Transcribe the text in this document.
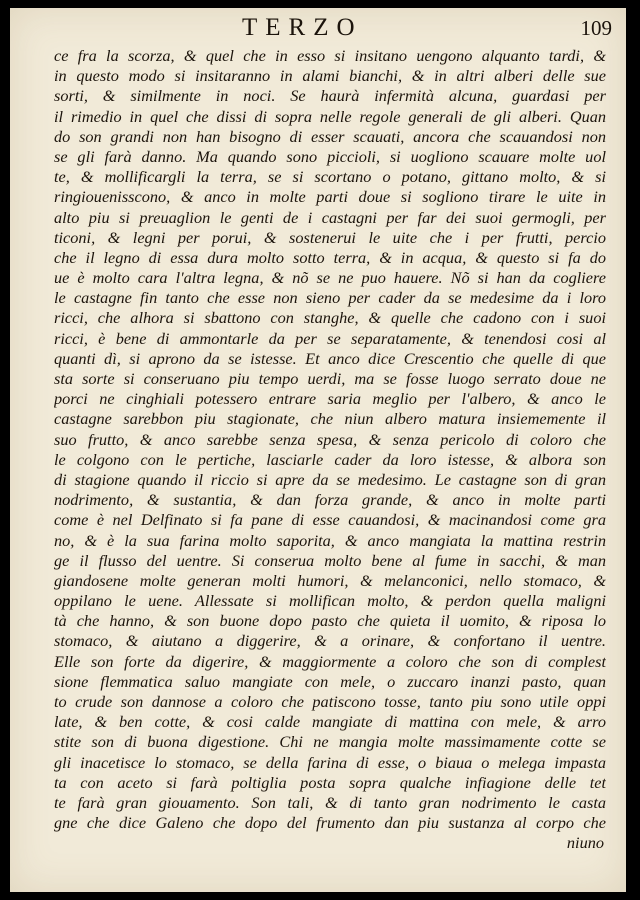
TERZO	109
ce fra la scorza, & quel che in esso si insitano uengono alquanto tardi, &
in questo modo si insitaranno in alami bianchi, & in altri alberi delle sue
sorti, & similmente in noci. Se haurà infermità alcuna, guardasi per
il rimedio in quel che dissi di sopra nelle regole generali de gli alberi. Quan
do son grandi non han bisogno di esser scauati, ancora che scauandosi non
se gli farà danno. Ma quando sono piccioli, si uogliono scauare molte uol
te, & mollificargli la terra, se si scortano o potano, gittano molto, & si
ringiouenisscono, & anco in molte parti doue si sogliono tirare le uite in
alto piu si preuaglion le genti de i castagni per far dei suoi germogli, per
ticoni, & legni per porui, & sostenerui le uite che i per frutti, percio
che il legno di essa dura molto sotto terra, & in acqua, & questo si fa do
ue è molto cara l'altra legna, & nõ se ne puo hauere. Nõ si han da cogliere
le castagne fin tanto che esse non sieno per cader da se medesime da i loro
ricci, che alhora si sbattono con stanghe, & quelle che cadono con i suoi
ricci, è bene di ammontarle da per se separatamente, & tenendosi cosi al
quanti dì, si aprono da se istesse. Et anco dice Crescentio che quelle di que
sta sorte si conseruano piu tempo uerdi, ma se fosse luogo serrato doue ne
porci ne cinghiali potessero entrare saria meglio per l'albero, & anco le
castagne sarebbon piu stagionate, che niun albero matura insiememente il
suo frutto, & anco sarebbe senza spesa, & senza pericolo di coloro che
le colgono con le pertiche, lasciarle cader da loro istesse, & albora son
di stagione quando il riccio si apre da se medesimo. Le castagne son di gran
nodrimento, & sustantia, & dan forza grande, & anco in molte parti
come è nel Delfinato si fa pane di esse cauandosi, & macinandosi come gra
no, & è la sua farina molto saporita, & anco mangiata la mattina restrin
ge il flusso del uentre. Si conserua molto bene al fume in sacchi, & man
giandosene molte generan molti humori, & melanconici, nello stomaco, &
oppilano le uene. Allessate si mollifican molto, & perdon quella maligni
tà che hanno, & son buone dopo pasto che quieta il uomito, & riposa lo
stomaco, & aiutano a diggerire, & a orinare, & confortano il uentre.
Elle son forte da digerire, & maggiormente a coloro che son di complest
sione flemmatica saluo mangiate con mele, o zuccaro inanzi pasto, quan
to crude son dannose a coloro che patiscono tosse, tanto piu sono utile oppi
late, & ben cotte, & cosi calde mangiate di mattina con mele, & arro
stite son di buona digestione. Chi ne mangia molte massimamente cotte se
gli inacetisce lo stomaco, se della farina di esse, o biaua o melega impasta
ta con aceto si farà poltiglia posta sopra qualche infiagione delle tet
te farà gran giouamento. Son tali, & di tanto gran nodrimento le casta
gne che dice Galeno che dopo del frumento dan piu sustanza al corpo che
niuno
